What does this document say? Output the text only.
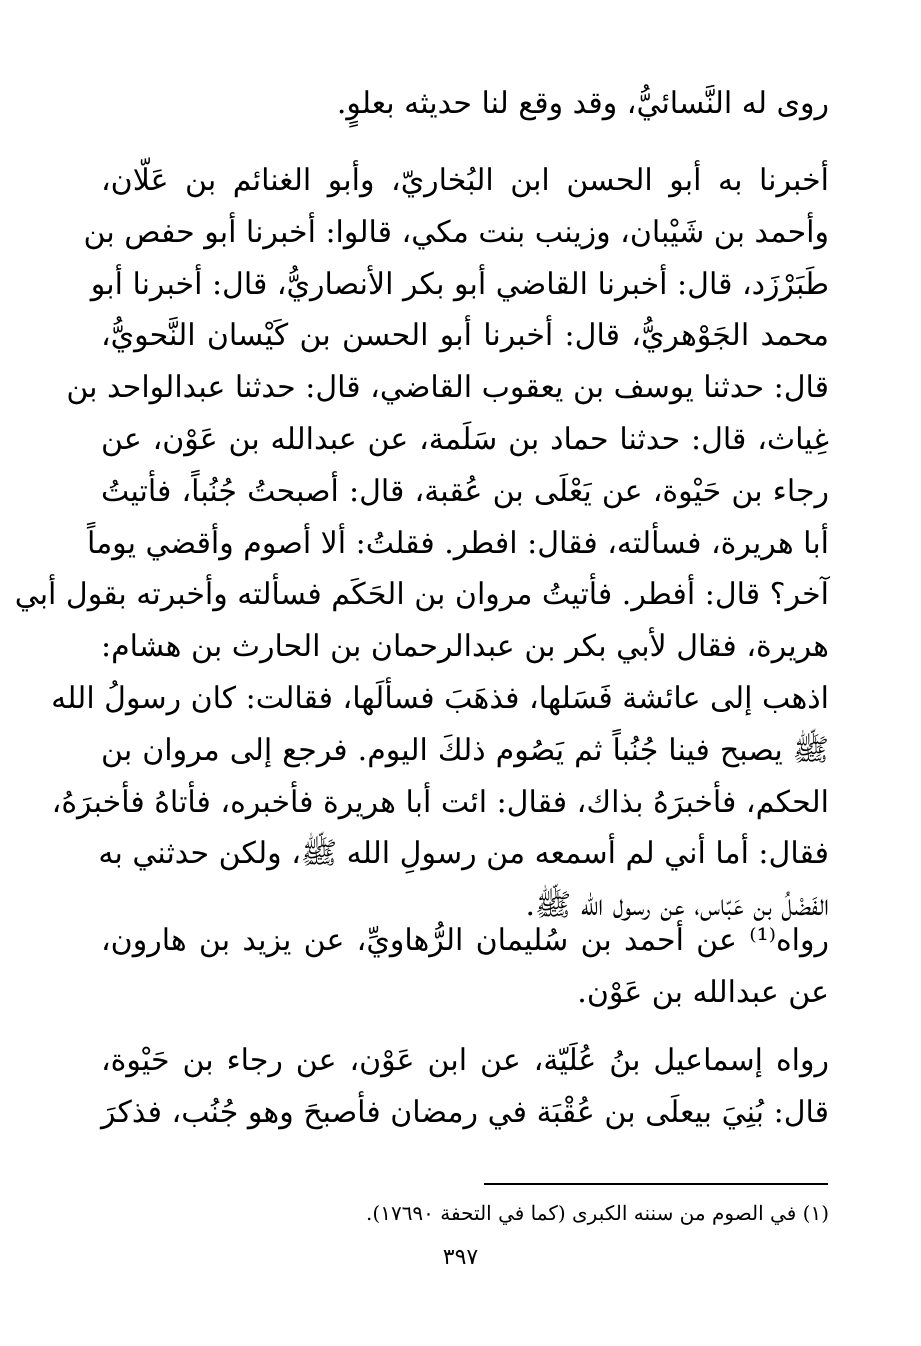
روى له النَّسائيُّ، وقد وقع لنا حديثه بعلوٍ.
أخبرنا به أبو الحسن ابن البُخاريّ، وأبو الغنائم بن عَلّان،
وأحمد بن شَيْبان، وزينب بنت مكي، قالوا: أخبرنا أبو حفص بن
طَبَرْزَد، قال: أخبرنا القاضي أبو بكر الأنصاريُّ، قال: أخبرنا أبو
محمد الجَوْهريُّ، قال: أخبرنا أبو الحسن بن كَيْسان النَّحويُّ،
قال: حدثنا يوسف بن يعقوب القاضي، قال: حدثنا عبدالواحد بن
غِياث، قال: حدثنا حماد بن سَلَمة، عن عبدالله بن عَوْن، عن
رجاء بن حَيْوة، عن يَعْلَى بن عُقبة، قال: أصبحتُ جُنُباً، فأتيتُ
أبا هريرة، فسألته، فقال: افطر. فقلتُ: ألا أصوم وأقضي يوماً
آخر؟ قال: أفطر. فأتيتُ مروان بن الحَكَم فسألته وأخبرته بقول أبي
هريرة، فقال لأبي بكر بن عبدالرحمان بن الحارث بن هشام:
اذهب إلى عائشة فَسَلها، فذهَبَ فسألَها، فقالت: كان رسولُ الله
ﷺ يصبح فينا جُنُباً ثم يَصُوم ذلكَ اليوم. فرجع إلى مروان بن
الحكم، فأخبرَهُ بذاك، فقال: ائت أبا هريرة فأخبره، فأتاهُ فأخبرَهُ،
فقال: أما أني لم أسمعه من رسولِ الله ﷺ، ولكن حدثني به
الفَضْلُ بن عَبّاس، عن رسول الله ﷺ.
رواه⁽¹⁾ عن أحمد بن سُليمان الرُّهاويِّ، عن يزيد بن هارون،
عن عبدالله بن عَوْن.
رواه إسماعيل بنُ عُلَيّة، عن ابن عَوْن، عن رجاء بن حَيْوة،
قال: بُنِيَ بيعلَى بن عُقْبَة في رمضان فأصبحَ وهو جُنُب، فذكرَ
(١) في الصوم من سننه الكبرى (كما في التحفة ١٧٦٩٠).
٣٩٧
